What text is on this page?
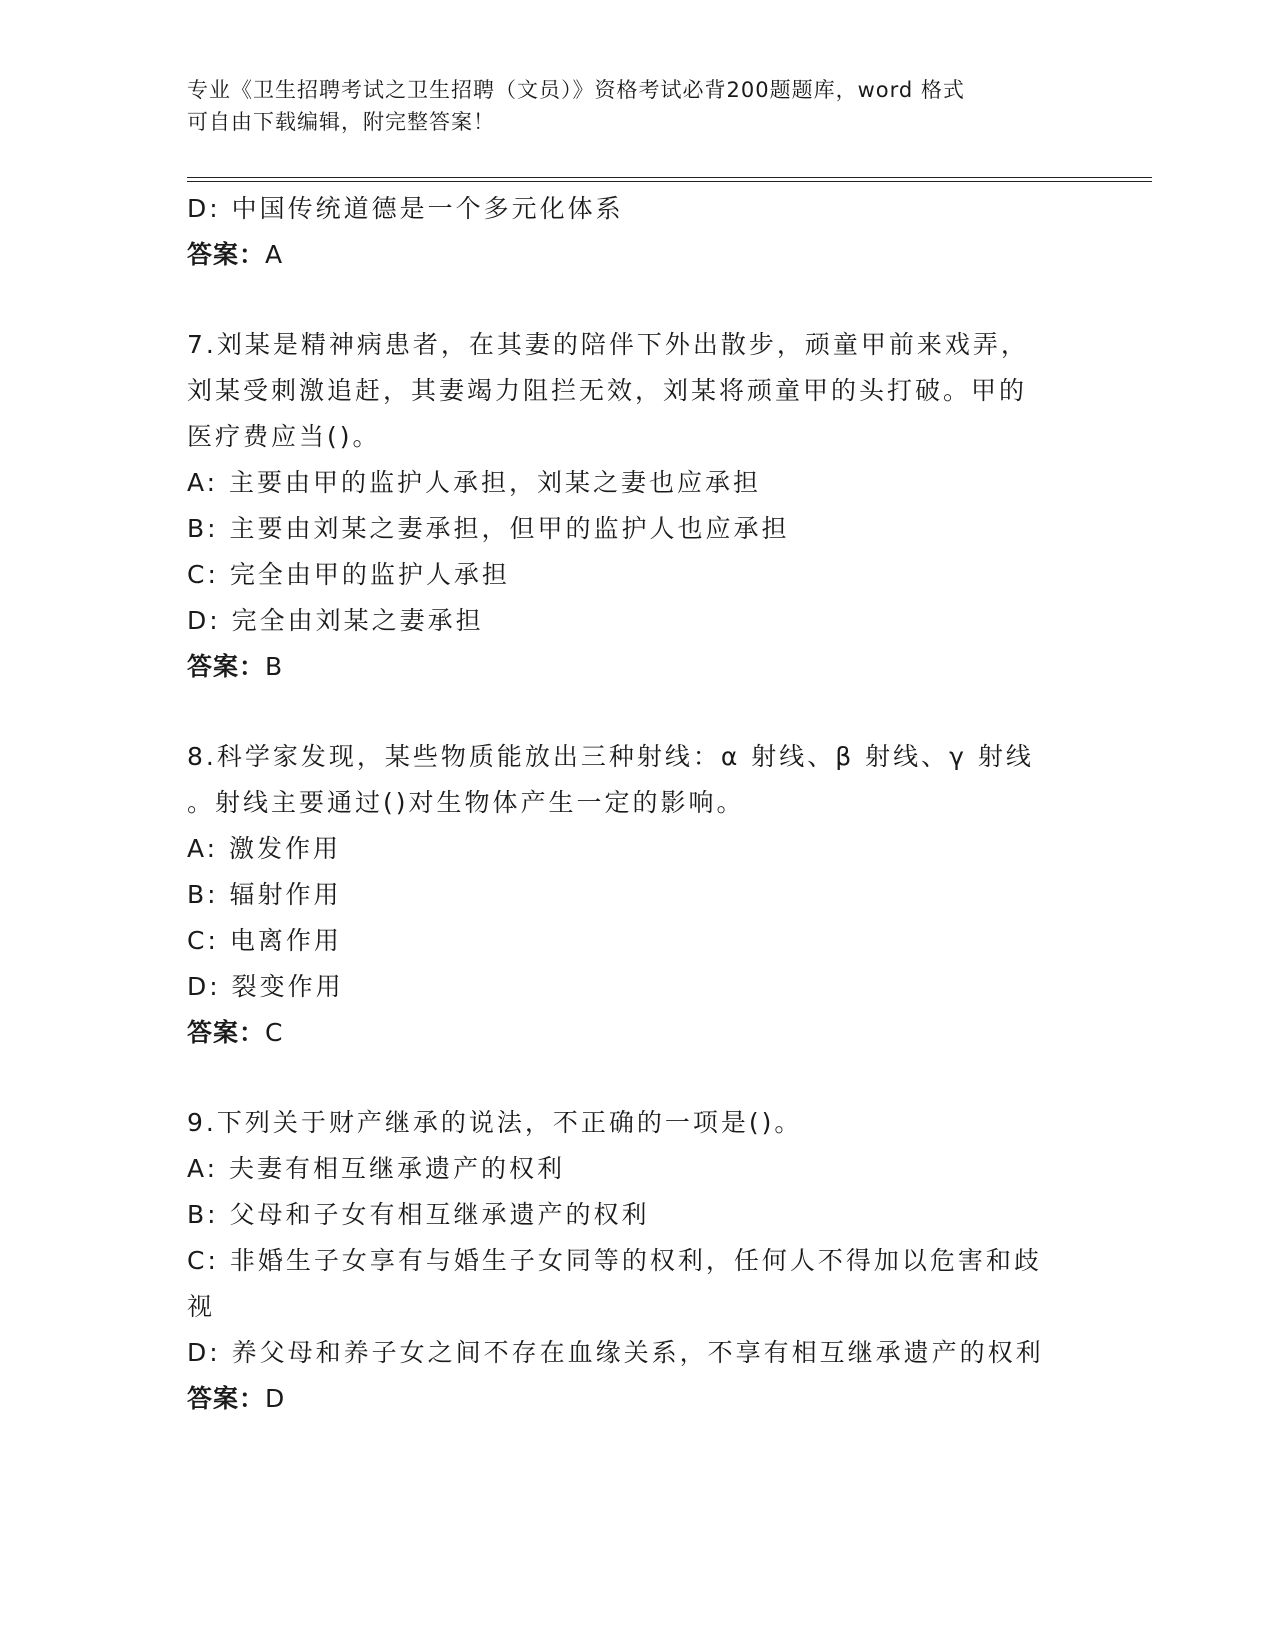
专业《卫生招聘考试之卫生招聘（文员）》资格考试必背200题题库，word 格式
可自由下载编辑，附完整答案！
D: 中国传统道德是一个多元化体系
答案：A
7.刘某是精神病患者，在其妻的陪伴下外出散步，顽童甲前来戏弄，
刘某受刺激追赶，其妻竭力阻拦无效，刘某将顽童甲的头打破。甲的
医疗费应当()。
A: 主要由甲的监护人承担，刘某之妻也应承担
B: 主要由刘某之妻承担，但甲的监护人也应承担
C: 完全由甲的监护人承担
D: 完全由刘某之妻承担
答案：B
8.科学家发现，某些物质能放出三种射线：α 射线、β 射线、γ 射线
。射线主要通过()对生物体产生一定的影响。
A: 激发作用
B: 辐射作用
C: 电离作用
D: 裂变作用
答案：C
9.下列关于财产继承的说法，不正确的一项是()。
A: 夫妻有相互继承遗产的权利
B: 父母和子女有相互继承遗产的权利
C: 非婚生子女享有与婚生子女同等的权利，任何人不得加以危害和歧
视
D: 养父母和养子女之间不存在血缘关系，不享有相互继承遗产的权利
答案：D
